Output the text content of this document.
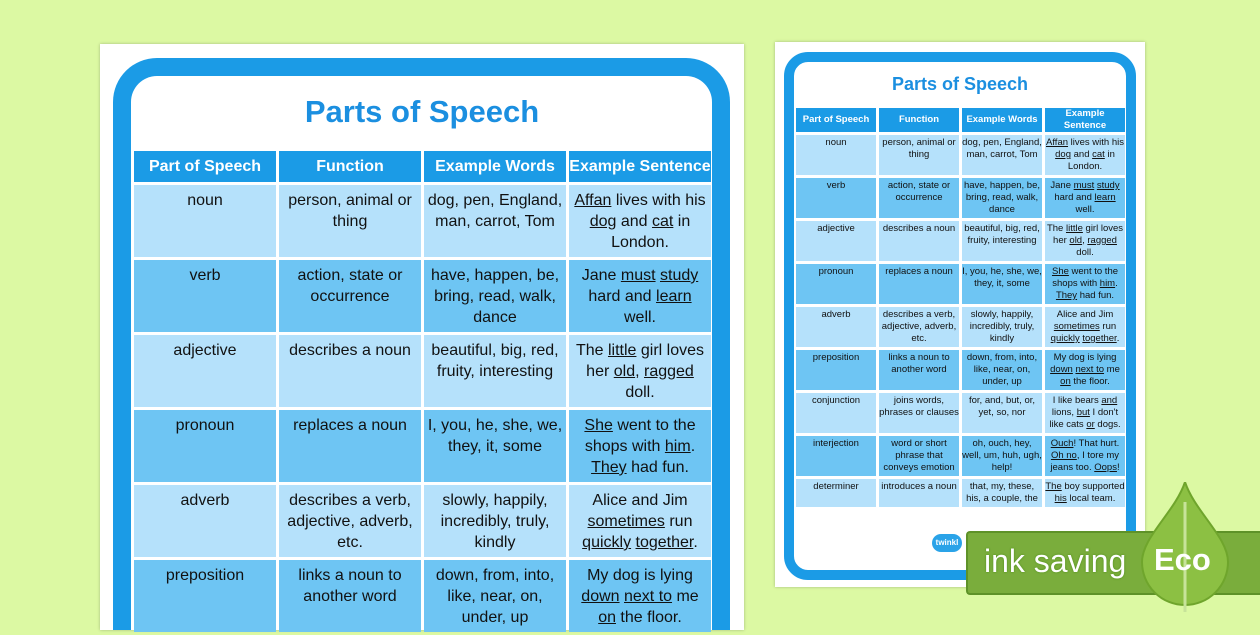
Parts of Speech
Part of Speech	Function	Example Words	Example Sentence
noun	person, animal or thing	dog, pen, England, man, carrot, Tom	Affan lives with his dog and cat in London.
verb	action, state or occurrence	have, happen, be, bring, read, walk, dance	Jane must study hard and learn well.
adjective	describes a noun	beautiful, big, red, fruity, interesting	The little girl loves her old, ragged doll.
pronoun	replaces a noun	I, you, he, she, we, they, it, some	She went to the shops with him. They had fun.
adverb	describes a verb, adjective, adverb, etc.	slowly, happily, incredibly, truly, kindly	Alice and Jim sometimes run quickly together.
preposition	links a noun to another word	down, from, into, like, near, on, under, up	My dog is lying down next to me on the floor.
Parts of Speech
Part of Speech	Function	Example Words	Example Sentence
noun	person, animal or thing	dog, pen, England, man, carrot, Tom	Affan lives with his dog and cat in London.
verb	action, state or occurrence	have, happen, be, bring, read, walk, dance	Jane must study hard and learn well.
adjective	describes a noun	beautiful, big, red, fruity, interesting	The little girl loves her old, ragged doll.
pronoun	replaces a noun	I, you, he, she, we, they, it, some	She went to the shops with him. They had fun.
adverb	describes a verb, adjective, adverb, etc.	slowly, happily, incredibly, truly, kindly	Alice and Jim sometimes run quickly together.
preposition	links a noun to another word	down, from, into, like, near, on, under, up	My dog is lying down next to me on the floor.
conjunction	joins words, phrases or clauses	for, and, but, or, yet, so, nor	I like bears and lions, but I don't like cats or dogs.
interjection	word or short phrase that conveys emotion	oh, ouch, hey, well, um, huh, ugh, help!	Ouch! That hurt. Oh no, I tore my jeans too. Oops!
determiner	introduces a noun	that, my, these, his, a couple, the	The boy supported his local team.
twinkl
ink saving Eco
